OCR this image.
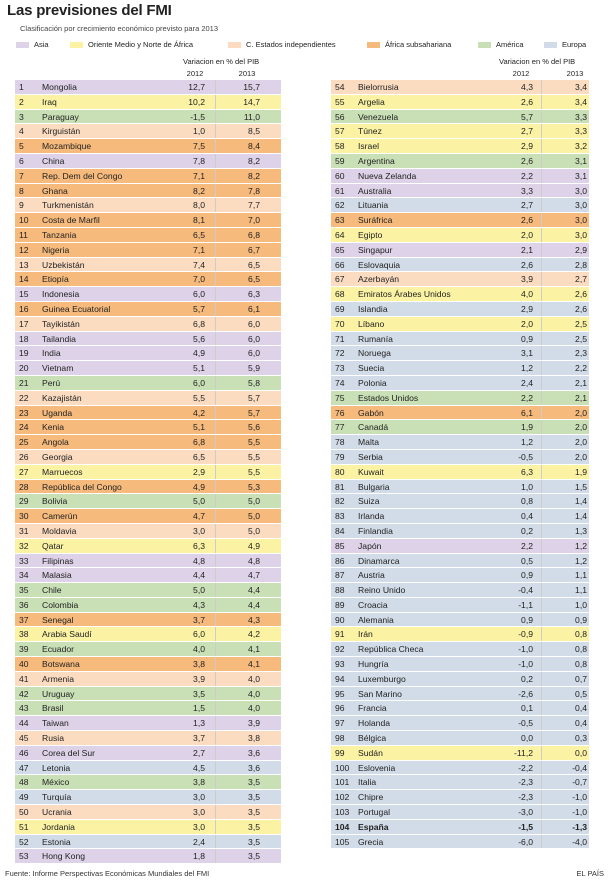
Las previsiones del FMI
Clasificación por crecimiento económico previsto para 2013
Asia	Oriente Medio y Norte de África	C. Estados independientes	África subsahariana	América	Europa
Variacion en % del PIB
2012	2013
1	Mongolia	12,7	15,7
2	Iraq	10,2	14,7
3	Paraguay	-1,5	11,0
4	Kirguistán	1,0	8,5
5	Mozambique	7,5	8,4
6	China	7,8	8,2
7	Rep. Dem del Congo	7,1	8,2
8	Ghana	8,2	7,8
9	Turkmenistán	8,0	7,7
10	Costa de Marfil	8,1	7,0
11	Tanzania	6,5	6,8
12	Nigeria	7,1	6,7
13	Uzbekistán	7,4	6,5
14	Etiopía	7,0	6,5
15	Indonesia	6,0	6,3
16	Guinea Ecuatorial	5,7	6,1
17	Tayikistán	6,8	6,0
18	Tailandia	5,6	6,0
19	India	4,9	6,0
20	Vietnam	5,1	5,9
21	Perú	6,0	5,8
22	Kazajistán	5,5	5,7
23	Uganda	4,2	5,7
24	Kenia	5,1	5,6
25	Angola	6,8	5,5
26	Georgia	6,5	5,5
27	Marruecos	2,9	5,5
28	República del Congo	4,9	5,3
29	Bolivia	5,0	5,0
30	Camerún	4,7	5,0
31	Moldavia	3,0	5,0
32	Qatar	6,3	4,9
33	Filipinas	4,8	4,8
34	Malasia	4,4	4,7
35	Chile	5,0	4,4
36	Colombia	4,3	4,4
37	Senegal	3,7	4,3
38	Arabia Saudí	6,0	4,2
39	Ecuador	4,0	4,1
40	Botswana	3,8	4,1
41	Armenia	3,9	4,0
42	Uruguay	3,5	4,0
43	Brasil	1,5	4,0
44	Taiwan	1,3	3,9
45	Rusia	3,7	3,8
46	Corea del Sur	2,7	3,6
47	Letonia	4,5	3,6
48	México	3,8	3,5
49	Turquía	3,0	3,5
50	Ucrania	3,0	3,5
51	Jordania	3,0	3,5
52	Estonia	2,4	3,5
53	Hong Kong	1,8	3,5
Variacion en % del PIB
2012	2013
54	Bielorrusia	4,3	3,4
55	Argelia	2,6	3,4
56	Venezuela	5,7	3,3
57	Túnez	2,7	3,3
58	Israel	2,9	3,2
59	Argentina	2,6	3,1
60	Nueva Zelanda	2,2	3,1
61	Australia	3,3	3,0
62	Lituania	2,7	3,0
63	Suráfrica	2,6	3,0
64	Egipto	2,0	3,0
65	Singapur	2,1	2,9
66	Eslovaquia	2,6	2,8
67	Azerbayán	3,9	2,7
68	Emiratos Árabes Unidos	4,0	2,6
69	Islandia	2,9	2,6
70	Líbano	2,0	2,5
71	Rumanía	0,9	2,5
72	Noruega	3,1	2,3
73	Suecia	1,2	2,2
74	Polonia	2,4	2,1
75	Estados Unidos	2,2	2,1
76	Gabón	6,1	2,0
77	Canadá	1,9	2,0
78	Malta	1,2	2,0
79	Serbia	-0,5	2,0
80	Kuwait	6,3	1,9
81	Bulgaria	1,0	1,5
82	Suiza	0,8	1,4
83	Irlanda	0,4	1,4
84	Finlandia	0,2	1,3
85	Japón	2,2	1,2
86	Dinamarca	0,5	1,2
87	Austria	0,9	1,1
88	Reino Unido	-0,4	1,1
89	Croacia	-1,1	1,0
90	Alemania	0,9	0,9
91	Irán	-0,9	0,8
92	República Checa	-1,0	0,8
93	Hungría	-1,0	0,8
94	Luxemburgo	0,2	0,7
95	San Marino	-2,6	0,5
96	Francia	0,1	0,4
97	Holanda	-0,5	0,4
98	Bélgica	0,0	0,3
99	Sudán	-11,2	0,0
100	Eslovenia	-2,2	-0,4
101	Italia	-2,3	-0,7
102	Chipre	-2,3	-1,0
103	Portugal	-3,0	-1,0
104	España	-1,5	-1,3
105	Grecia	-6,0	-4,0
Fuente: Informe Perspectivas Económicas Mundiales del FMI	EL PAÍS
